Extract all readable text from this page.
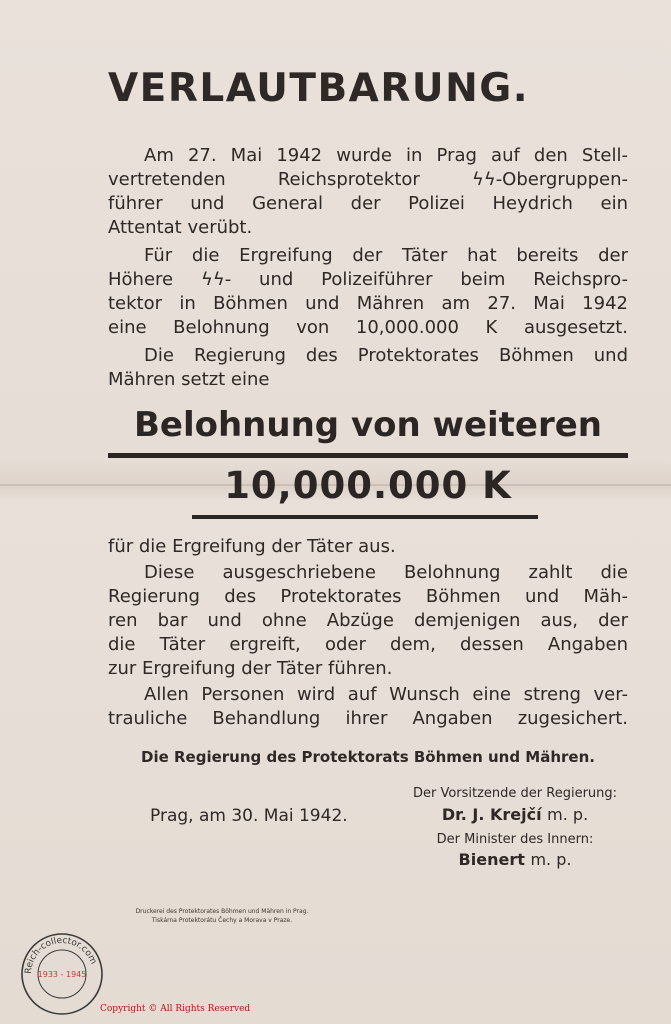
VERLAUTBARUNG.
Am 27. Mai 1942 wurde in Prag auf den Stell-
vertretenden Reichsprotektor ϟϟ-Obergruppen-
führer und General der Polizei Heydrich ein
Attentat verübt.
Für die Ergreifung der Täter hat bereits der
Höhere ϟϟ- und Polizeiführer beim Reichspro-
tektor in Böhmen und Mähren am 27. Mai 1942
eine Belohnung von 10,000.000 K ausgesetzt.
Die Regierung des Protektorates Böhmen und
Mähren setzt eine
Belohnung von weiteren
10,000.000 K
für die Ergreifung der Täter aus.
Diese ausgeschriebene Belohnung zahlt die
Regierung des Protektorates Böhmen und Mäh-
ren bar und ohne Abzüge demjenigen aus, der
die Täter ergreift, oder dem, dessen Angaben
zur Ergreifung der Täter führen.
Allen Personen wird auf Wunsch eine streng ver-
trauliche Behandlung ihrer Angaben zugesichert.
Die Regierung des Protektorats Böhmen und Mähren.
Prag, am 30. Mai 1942.
Der Vorsitzende der Regierung:
Dr. J. Krejčí m. p.
Der Minister des Innern:
Bienert m. p.
Druckerei des Protektorates Böhmen und Mähren in Prag.
Tiskárna Protektorátu Čechy a Morava v Praze.
Reich-collector.com
1933 - 1945
Copyright © All Rights Reserved
